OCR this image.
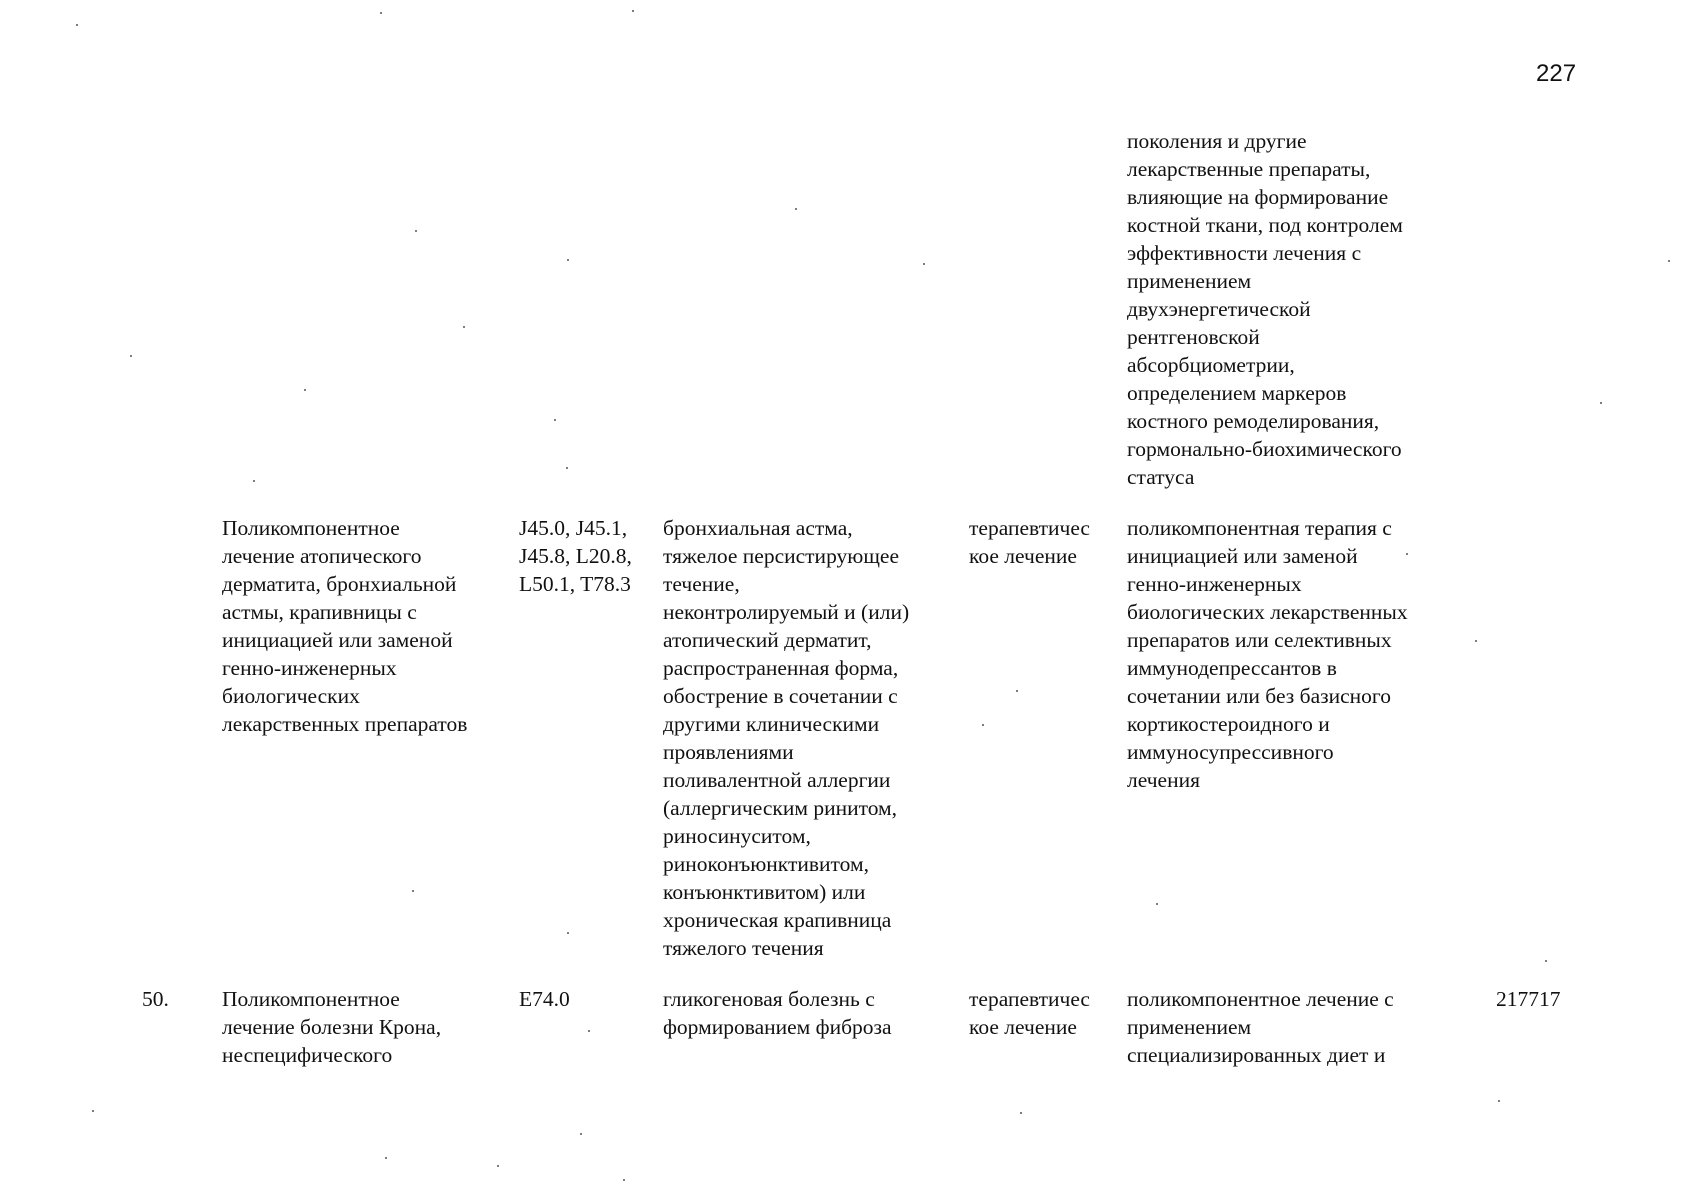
227
поколения и другие
лекарственные препараты,
влияющие на формирование
костной ткани, под контролем
эффективности лечения с
применением
двухэнергетической
рентгеновской
абсорбциометрии,
определением маркеров
костного ремоделирования,
гормонально-биохимического
статуса
Поликомпонентное
лечение атопического
дерматита, бронхиальной
астмы, крапивницы с
инициацией или заменой
генно-инженерных
биологических
лекарственных препаратов
J45.0, J45.1,
J45.8, L20.8,
L50.1, T78.3
бронхиальная астма,
тяжелое персистирующее
течение,
неконтролируемый и (или)
атопический дерматит,
распространенная форма,
обострение в сочетании с
другими клиническими
проявлениями
поливалентной аллергии
(аллергическим ринитом,
риносинуситом,
риноконъюнктивитом,
конъюнктивитом) или
хроническая крапивница
тяжелого течения
терапевтичес
кое лечение
поликомпонентная терапия с
инициацией или заменой
генно-инженерных
биологических лекарственных
препаратов или селективных
иммунодепрессантов в
сочетании или без базисного
кортикостероидного и
иммуносупрессивного
лечения
50.	Поликомпонентное
лечение болезни Крона,
неспецифического
E74.0	гликогеновая болезнь с
формированием фиброза
терапевтичес
кое лечение
поликомпонентное лечение с
применением
специализированных диет и
217717
